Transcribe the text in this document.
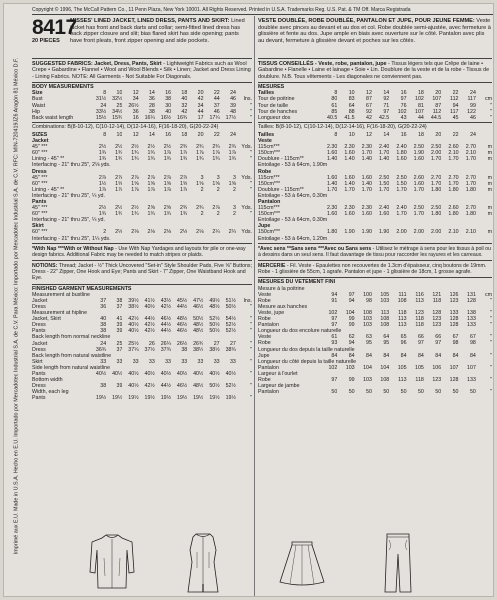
Copyright © 1996, The McCall Pattern Co., 11 Penn Plaza, New York 10001. All Rights Reserved. Printed in U.S.A. Trademarks Reg. U.S. Pat. & TM Off. Marca Registrada
Imprimé aux E.U. Made in U.S.A. Hecho en E.U. Importado por Mercadotec Industrial S.A. de C.V. Para México: Importado por Mercadotec Industrial S.A. de C.V. RFC: MIN-720419JZ6 Aragón 81 México D.F.
8417
20 PIECES
MISSES' LINED JACKET, LINED DRESS, PANTS AND SKIRT: Lined jacket has front and back darts and collar; semi-fitted lined dress has back zipper closure and slit; bias flared skirt has side opening; pants have front pleats, front zipper opening and side pockets.
SUGGESTED FABRICS: Jacket, Dress, Pants, Skirt - Lightweight Fabrics such as Wool Crepe • Gabardine • Flannel • Wool and Wool Blends • Silk • Linen; Jacket and Dress Lining - Lining Fabrics. NOTE: All Garments - Not Suitable For Diagonals.
BODY MEASUREMENTS										
Size	8	10	12	14	16	18	20	22	24	
Bust	31½	32½	34	36	38	40	42	44	46	Ins.
Waist	24	25	26½	28	30	32	34	37	39	"
Hip	33½	34½	36	38	40	42	44	46	48	"
Back waist length	15½	15¾	16	16¼	16½	16¾	17	17¼	17½	"
Combinations: B(8-10-12), C(10-12-14), D(12-14-16), F(16-18-20), G(20-22-24)
SIZES	8	10	12	14	16	18	20	22	24	
Jacket										
45" ***	2½	2½	2½	2½	2½	2¾	2¾	2¾	2¾	Yds.
60" ***	1¾	1¾	1¾	1¾	1⅞	1⅞	1⅞	1⅞	1⅞	"
Lining - 45" **	1¾	1¾	1¾	1¾	1¾	1¾	1¾	1¾	1¾	"
Interfacing - 21" thru 25", 2⅛ yds.										
Dress										
45" ***	2⅞	2⅞	2⅞	2⅞	2⅞	2⅞	3	3	3	Yds.
60" ***	1½	1⅝	1⅝	1⅝	1⅝	1⅝	1⅝	1⅝	1⅝	"
Lining - 45" **	1⅞	1⅞	1⅞	1⅞	1⅞	1⅞	2	2	2	"
Interfacing - 21" thru 25", ¼ yd.										
Pants										
45" ***	2½	2½	2½	2⅝	2⅝	2¾	2¾	2⅞	3	Yds.
60" ***	1¾	1¾	1¾	1¾	1¾	1¾	2	2	2	"
Interfacing - 21" thru 25", ¼ yd.										
Skirt										
60" ***	2	2⅛	2⅛	2⅛	2⅛	2⅛	2⅛	2¼	2¼	Yds.
Interfacing - 21" thru 25", 1¼ yds.										
*With Nap ***With or Without Nap - Use With Nap Yardages and layouts for pile or one-way design fabrics. Additional Fabric may be needed to match stripes or plaids.
NOTIONS: Thread; Jacket - ½" Thick Uncovered "Set-in" Style Shoulder Pads, Five ⅝" Buttons; Dress - 22" Zipper, One Hook and Eye; Pants and Skirt - 7" Zipper, One Waistband Hook and Eye.
FINISHED GARMENT MEASUREMENTS										
Measurement at bustline										
Jacket	37	38	39½	41½	43½	45½	47½	49½	51½	Ins.
Dress	36	37	38½	40½	42½	44½	46½	48½	50½	"
Measurement at hipline										
Jacket, Skirt	40	41	42½	44½	46½	48½	50½	52½	54½	"
Dress	38	39	40½	42½	44½	46½	48½	50½	52½	"
Pants	38	39	40½	42½	44½	46½	48½	50½	52½	"
Back length from normal neckline										
Jacket	24	25	25½	26	26¼	26½	26¾	27	27	"
Dress	36¾	37	37¼	37½	37¾	38	38¼	38½	38¾	"
Back length from natural waistline										
Skirt	33	33	33	33	33	33	33	33	33	"
Side length from natural waistline										
Pants	40½	40½	40½	40½	40½	40½	40½	40½	40½	"
Bottom width										
Dress	38	39	40½	42½	44½	46½	48½	50½	52½	"
Width, each leg										
Pants	19½	19½	19½	19½	19½	19½	19½	19½	19½	"
VESTE DOUBLÉE, ROBE DOUBLÉE, PANTALON ET JUPE, POUR JEUNE FEMME: Veste doublée avec pinces au devant et au dos et col. Robe doublée semi-ajustée, avec fermeture à glissière et fente au dos. Jupe ample en biais avec ouverture sur le côté. Pantalon avec plis au devant, fermeture à glissière devant et poches sur les côtés.
TISSUS CONSEILLÉS - Veste, robe, pantalon, jupe - Tissus légers tels que Crêpe de laine • Gabardine • Flanelle • Laine et lainage • Soie • Lin. Doublure de la veste et de la robe - Tissus de doublure. N.B. Tous vêtements - Les diagonales ne conviennent pas.
MESURES										
Tailles	8	10	12	14	16	18	20	22	24	
Tour de poitrine	80	83	87	92	97	102	107	112	117	cm
Tour de taille	61	64	67	71	76	81	87	94	99	"
Tour de hanches	85	88	92	97	102	107	112	117	122	"
Longueur dos	40.5	41.5	42	42.5	43	44	44.5	45	46	"
Tailles: B(8-10-12), C(10-12-14), D(12-14-16), F(16-18-20), G(20-22-24)
Tailles	8	10	12	14	16	18	20	22	24	
Veste										
115cm***	2.30	2.30	2.30	2.40	2.40	2.50	2.50	2.60	2.70	m
150cm***	1.60	1.60	1.70	1.70	1.80	1.90	2.00	2.10	2.10	m
Doublure - 115cm**	1.40	1.40	1.40	1.40	1.60	1.60	1.70	1.70	1.70	m
Entoilage - 53 à 64cm, 1.90m										
Robe										
115cm***	1.60	1.60	1.60	2.50	2.50	2.60	2.70	2.70	2.70	m
150cm***	1.40	1.40	1.40	1.50	1.50	1.60	1.70	1.70	1.70	m
Doublure - 115cm**	1.70	1.70	1.70	1.70	1.70	1.70	1.80	1.80	1.80	m
Entoilage - 53 à 64cm, 0.30m										
Pantalon										
115cm***	2.30	2.30	2.30	2.40	2.40	2.50	2.50	2.60	2.70	m
150cm***	1.60	1.60	1.60	1.60	1.70	1.70	1.80	1.80	1.80	m
Entoilage - 53 à 64cm, 0.30m										
Jupe										
150cm***	1.80	1.90	1.90	1.90	2.00	2.00	2.00	2.10	2.10	m
Entoilage - 53 à 64cm, 1.20m										
*Avec sens **Sans sens ***Avec ou Sans sens - Utilisez le métrage à sens pour les tissus à poil ou à dessins dans un seul sens. Il faut davantage de tissu pour raccorder les rayures et les carreaux.
MERCERIE - Fil. Veste - Epaulettes non recouvertes de 1.3cm d'épaisseur, cinq boutons de 19mm. Robe - 1 glissière de 55cm, 1 agrafe. Pantalon et jupe - 1 glissière de 18cm, 1 grosse agrafe.
MESURES DU VÊTEMENT FINI										
Mesure à la poitrine										
Veste	94	97	100	105	111	116	121	126	131	cm
Robe	91	94	98	103	108	113	118	123	128	"
Mesure aux hanches										
Veste, jupe	102	104	108	113	118	123	128	133	138	"
Robe	97	99	103	108	113	118	123	128	133	"
Pantalon	97	99	103	108	113	118	123	128	133	"
Longueur du dos encolure naturelle										
Veste	61	62	63	64	65	66	66	67	67	"
Robe	93	94	95	95	96	97	97	98	98	"
Longueur du dos depuis la taille naturelle										
Jupe	84	84	84	84	84	84	84	84	84	"
Longueur du côté depuis la taille naturelle										
Pantalon	102	103	104	104	105	105	106	107	107	"
Largeur à l'ourlet										
Robe	97	99	103	108	113	118	123	128	133	"
Largeur de jambe										
Pantalon	50	50	50	50	50	50	50	50	50	"
